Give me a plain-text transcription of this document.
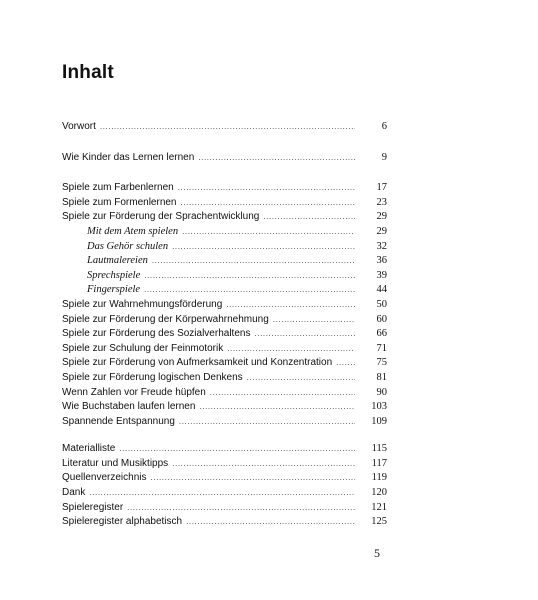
Inhalt
Vorwort .....	6
Wie Kinder das Lernen lernen .....	9
Spiele zum Farbenlernen .....	17
Spiele zum Formenlernen .....	23
Spiele zur Förderung der Sprachentwicklung .....	29
Mit dem Atem spielen .....	29
Das Gehör schulen .....	32
Lautmalereien .....	36
Sprechspiele .....	39
Fingerspiele .....	44
Spiele zur Wahrnehmungsförderung .....	50
Spiele zur Förderung der Körperwahrnehmung .....	60
Spiele zur Förderung des Sozialverhaltens .....	66
Spiele zur Schulung der Feinmotorik .....	71
Spiele zur Förderung von Aufmerksamkeit und Konzentration .....	75
Spiele zur Förderung logischen Denkens .....	81
Wenn Zahlen vor Freude hüpfen .....	90
Wie Buchstaben laufen lernen .....	103
Spannende Entspannung .....	109
Materialliste .....	115
Literatur und Musiktipps .....	117
Quellenverzeichnis .....	119
Dank .....	120
Spieleregister .....	121
Spieleregister alphabetisch .....	125
5
